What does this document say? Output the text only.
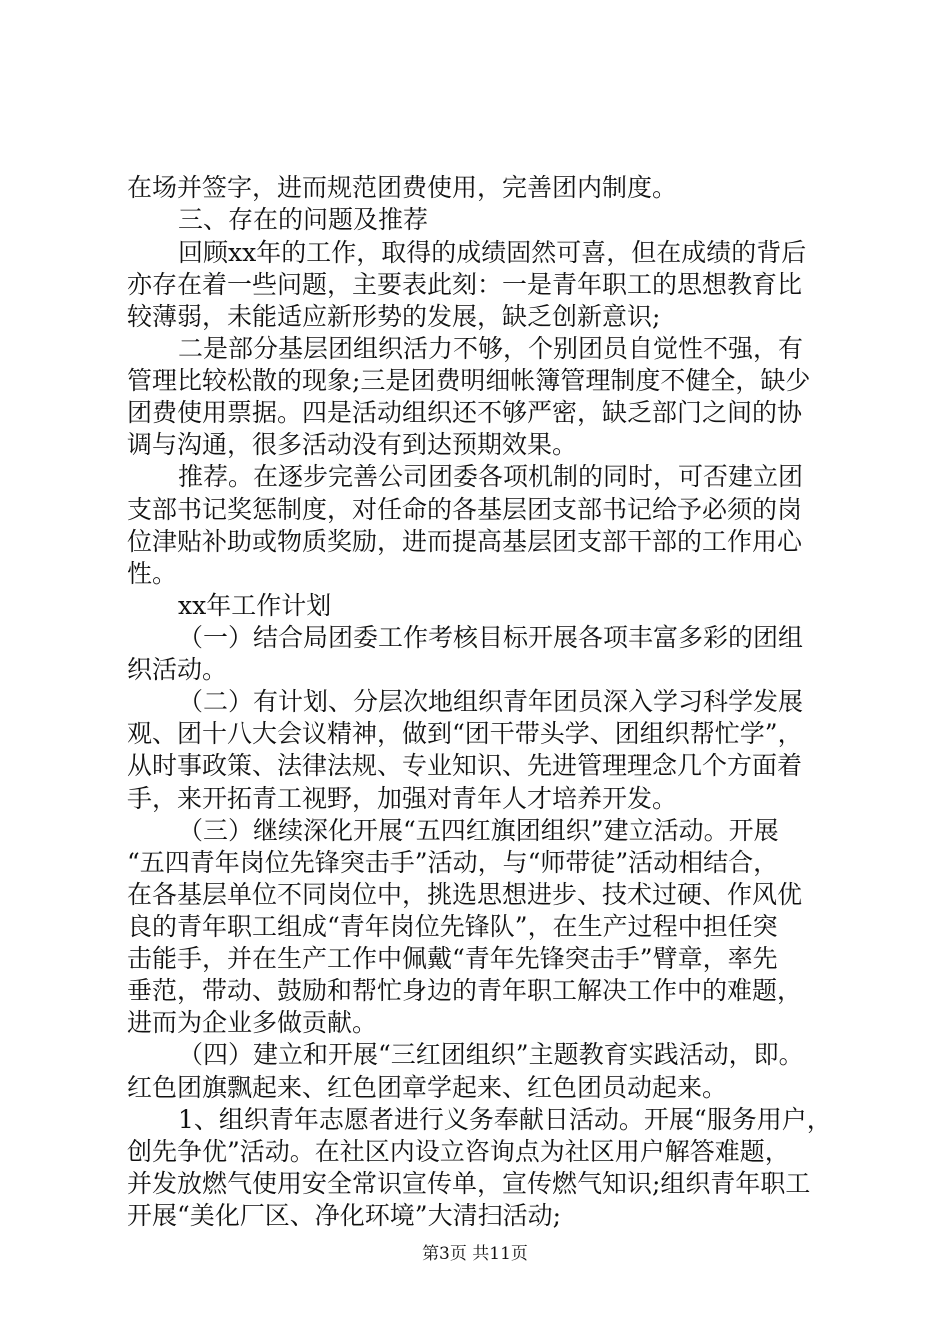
在场并签字，进而规范团费使用，完善团内制度。
三、存在的问题及推荐
回顾xx年的工作，取得的成绩固然可喜，但在成绩的背后
亦存在着一些问题，主要表此刻：一是青年职工的思想教育比
较薄弱，未能适应新形势的发展，缺乏创新意识;
二是部分基层团组织活力不够，个别团员自觉性不强，有
管理比较松散的现象;三是团费明细帐簿管理制度不健全，缺少
团费使用票据。四是活动组织还不够严密，缺乏部门之间的协
调与沟通，很多活动没有到达预期效果。
推荐。在逐步完善公司团委各项机制的同时，可否建立团
支部书记奖惩制度，对任命的各基层团支部书记给予必须的岗
位津贴补助或物质奖励，进而提高基层团支部干部的工作用心
性。
xx年工作计划
（一）结合局团委工作考核目标开展各项丰富多彩的团组
织活动。
（二）有计划、分层次地组织青年团员深入学习科学发展
观、团十八大会议精神，做到“团干带头学、团组织帮忙学”，
从时事政策、法律法规、专业知识、先进管理理念几个方面着
手，来开拓青工视野，加强对青年人才培养开发。
（三）继续深化开展“五四红旗团组织”建立活动。开展
“五四青年岗位先锋突击手”活动，与“师带徒”活动相结合，
在各基层单位不同岗位中，挑选思想进步、技术过硬、作风优
良的青年职工组成“青年岗位先锋队”，在生产过程中担任突
击能手，并在生产工作中佩戴“青年先锋突击手”臂章，率先
垂范，带动、鼓励和帮忙身边的青年职工解决工作中的难题，
进而为企业多做贡献。
（四）建立和开展“三红团组织”主题教育实践活动，即。
红色团旗飘起来、红色团章学起来、红色团员动起来。
1、组织青年志愿者进行义务奉献日活动。开展“服务用户，
创先争优”活动。在社区内设立咨询点为社区用户解答难题，
并发放燃气使用安全常识宣传单，宣传燃气知识;组织青年职工
开展“美化厂区、净化环境”大清扫活动;
第3页 共11页
